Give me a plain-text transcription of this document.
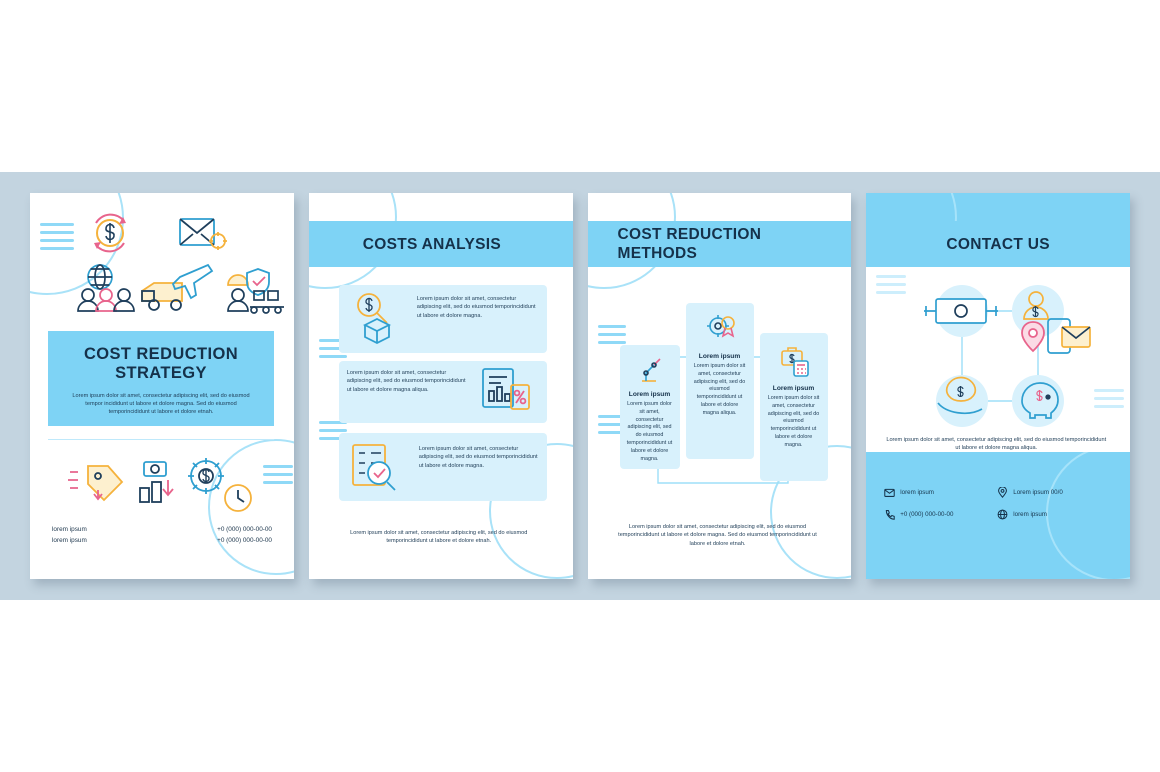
COST REDUCTION
STRATEGY
Lorem ipsum dolor sit amet, consectetur adipiscing elit, sed do eiusmod tempor incididunt ut labore et dolore magna. Sed do eiusmod temporincididunt ut labore et dolore etnah.
lorem ipsum
lorem ipsum
+0 (000) 000-00-00
+0 (000) 000-00-00
COSTS ANALYSIS
Lorem ipsum dolor sit amet, consectetur adipiscing elit, sed do eiusmod temporincididunt ut labore et dolore magna.
Lorem ipsum dolor sit amet, consectetur adipiscing elit, sed do eiusmod temporincididunt ut labore et dolore magna aliqua.
Lorem ipsum dolor sit amet, consectetur adipiscing elit, sed do eiusmod temporincididunt ut labore et dolore magna.
Lorem ipsum dolor sit amet, consectetur adipiscing elit, sed do eiusmod temporincididunt ut labore et dolore etnah.
COST REDUCTION
METHODS
Lorem ipsum
Lorem ipsum dolor sit amet, consectetur adipiscing elit, sed do eiusmod temporincididunt ut labore et dolore magna.
Lorem ipsum
Lorem ipsum dolor sit amet, consectetur adipiscing elit, sed do eiusmod temporincididunt ut labore et dolore magna aliqua.
Lorem ipsum
Lorem ipsum dolor sit amet, consectetur adipiscing elit, sed do eiusmod temporincididunt ut labore et dolore magna.
Lorem ipsum dolor sit amet, consectetur adipiscing elit, sed do eiusmod temporincididunt ut labore et dolore magna. Sed do eiusmod temporincididunt ut labore et dolore etnah.
CONTACT US
Lorem ipsum dolor sit amet, consectetur adipiscing elit, sed do eiusmod temporincididunt ut labore et dolore magna aliqua.
lorem ipsum	Lorem ipsum 00/0
+0 (000) 000-00-00	lorem ipsum
